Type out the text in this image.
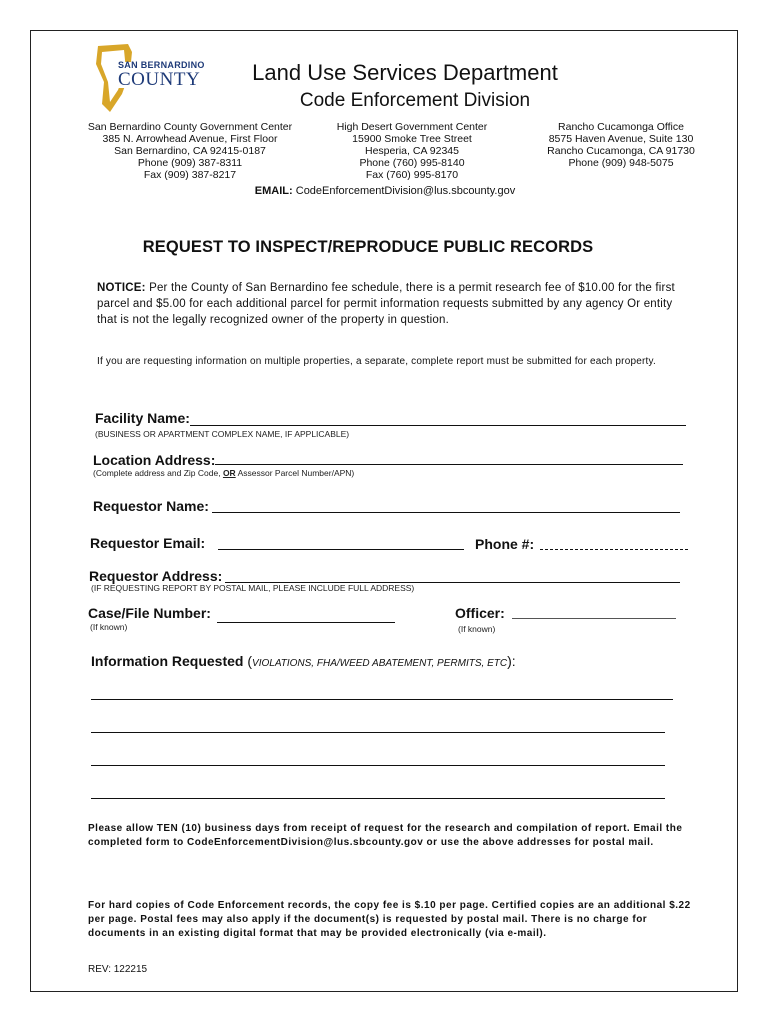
SAN BERNARDINO
COUNTY	Land Use Services Department
Code Enforcement Division
San Bernardino County Government Center
385 N. Arrowhead Avenue, First Floor
San Bernardino, CA 92415-0187
Phone (909) 387-8311
Fax (909) 387-8217
High Desert Government Center
15900 Smoke Tree Street
Hesperia, CA 92345
Phone (760) 995-8140
Fax (760) 995-8170
Rancho Cucamonga Office
8575 Haven Avenue, Suite 130
Rancho Cucamonga, CA 91730
Phone (909) 948-5075
EMAIL: CodeEnforcementDivision@lus.sbcounty.gov
REQUEST TO INSPECT/REPRODUCE PUBLIC RECORDS
NOTICE: Per the County of San Bernardino fee schedule, there is a permit research fee of $10.00 for the first parcel and $5.00 for each additional parcel for permit information requests submitted by any agency Or entity that is not the legally recognized owner of the property in question.
If you are requesting information on multiple properties, a separate, complete report must be submitted for each property.
Facility Name:
(BUSINESS OR APARTMENT COMPLEX NAME, IF APPLICABLE)
Location Address:
(Complete address and Zip Code, OR Assessor Parcel Number/APN)
Requestor Name:
Requestor Email:	Phone #:
Requestor Address:
(IF REQUESTING REPORT BY POSTAL MAIL, PLEASE INCLUDE FULL ADDRESS)
Case/File Number:
(If known)
Officer:
(If known)
Information Requested (VIOLATIONS, FHA/WEED ABATEMENT, PERMITS, ETC):
Please allow TEN (10) business days from receipt of request for the research and compilation of report. Email the completed form to CodeEnforcementDivision@lus.sbcounty.gov or use the above addresses for postal mail.
For hard copies of Code Enforcement records, the copy fee is $.10 per page. Certified copies are an additional $.22 per page. Postal fees may also apply if the document(s) is requested by postal mail. There is no charge for documents in an existing digital format that may be provided electronically (via e-mail).
REV: 122215
